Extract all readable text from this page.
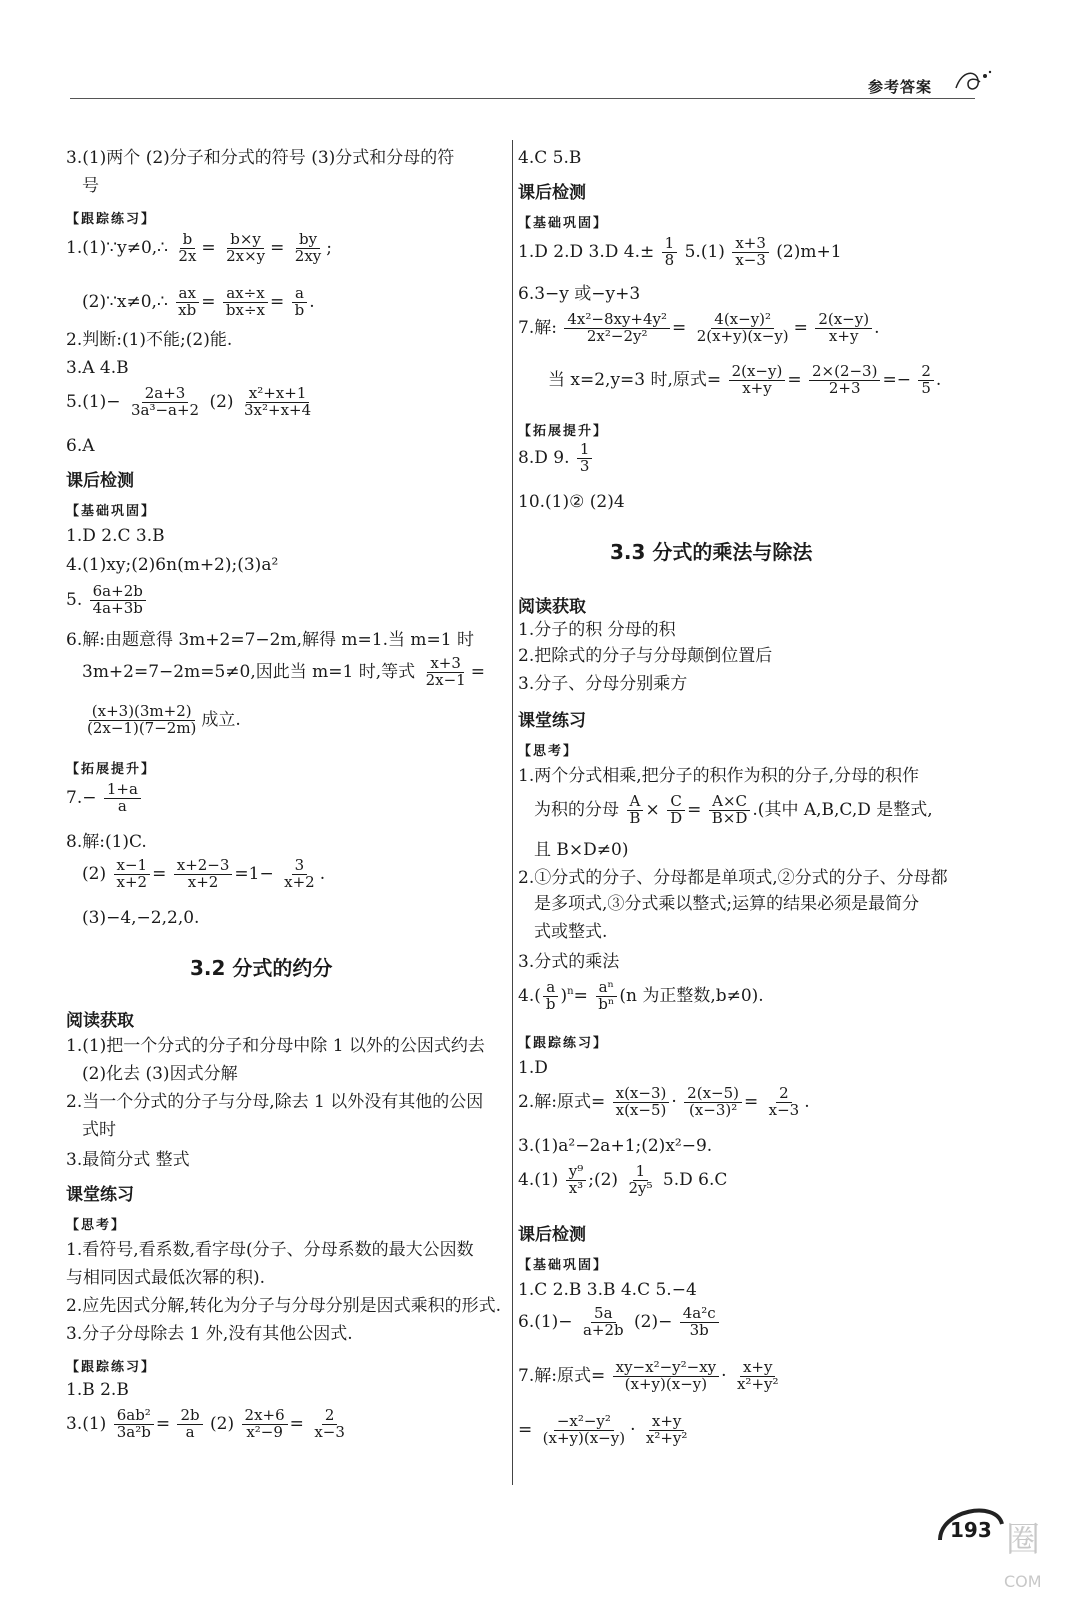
参考答案
3.(1)两个 (2)分子和分式的符号 (3)分式和分母的符
号
【跟踪练习】
1.(1)∵y≠0,∴ $\frac{b}{2x} = \frac{b\times y}{2x\times y} = \frac{by}{2xy}$ ;
(2)∵x≠0,∴ $\frac{ax}{xb} = \frac{ax\div x}{bx\div x} = \frac{a}{b}$ .
2.判断:(1)不能;(2)能.
3.A 4.B
$5.(1)- \frac{2a+3}{\text{3a³−a+2}} (2) \frac{\text{x²+x+1}}{\text{3x²+x+4}}$
6.A
课后检测
【基础巩固】
1.D 2.C 3.B
4.(1)xy;(2)6n(m+2);(3)a²
5. $\frac{6a+2b}{4a+3b}$
6.解:由题意得 3m+2=7−2m,解得 m=1.当 m=1 时
3m+2=7−2m=5≠0,因此当 m=1 时,等式 $\frac{x+3}{2x-1}$ =
$\frac{(x+3)(3m+2)}{(2x-1)(7-2m)}$ 成立.
【拓展提升】
$7.- \frac{1+a}{a}$
8.解:(1)C.
$(2) \frac{x-1}{x+2} = \frac{x+2-3}{x+2} =1- \frac{3}{x+2}$ .
(3)−4,−2,2,0.
3.2 分式的约分
阅读获取
1.(1)把一个分式的分子和分母中除 1 以外的公因式约去
(2)化去 (3)因式分解
2.当一个分式的分子与分母,除去 1 以外没有其他的公因
式时
3.最简分式 整式
课堂练习
【思考】
1.看符号,看系数,看字母(分子、分母系数的最大公因数
与相同因式最低次幂的积).
2.应先因式分解,转化为分子与分母分别是因式乘积的形式.
3.分子分母除去 1 外,没有其他公因式.
【跟踪练习】
1.B 2.B
$3.(1) \frac{\text{6ab²}}{\text{3a²b}} = \frac{2b}{a} (2) \frac{2x+6}{\text{x²−9}} = \frac{2}{x-3}$
4.C 5.B
课后检测
【基础巩固】
1.D 2.D 3.D $4.\pm \frac{1}{8} 5.(1) \frac{x+3}{x-3} (2)m+1$
6.3−y 或−y+3
7.解: $\frac{\text{4x²−8xy+4y²}}{\text{2x²−2y²}} = \frac{\text{4(x−y)²}}{2(x+y)(x-y)} = \frac{2(x-y)}{x+y}$ .
当 x=2,y=3 时,原式= $\frac{2(x-y)}{x+y} = \frac{2\times(2-3)}{2+3} =- \frac{2}{5}$ .
【拓展提升】
8.D 9. $\frac{1}{3}$
10.(1)② (2)4
3.3 分式的乘法与除法
阅读获取
1.分子的积 分母的积
2.把除式的分子与分母颠倒位置后
3.分子、分母分别乘方
课堂练习
【思考】
1.两个分式相乘,把分子的积作为积的分子,分母的积作
为积的分母 $\frac{A}{B} \times \frac{C}{D} = \frac{A\times C}{B\times D}$ .(其中 A,B,C,D 是整式,
且 B×D≠0)
2.①分式的分子、分母都是单项式,②分式的分子、分母都
是多项式,③分式乘以整式;运算的结果必须是最简分
式或整式.
3.分式的乘法
$4.( \frac{a}{b} )^n= \frac{\text{aⁿ}}{\text{bⁿ}} (n$ 为正整数,b≠0).
【跟踪练习】
1.D
2.解:原式= $\frac{x(x-3)}{x(x-5)} \cdot \frac{2(x-5)}{\text{(x−3)²}} = \frac{2}{x-3}$ .
3.(1)a²−2a+1;(2)x²−9.
$4.(1) \frac{\text{y⁹}}{\text{x³}}$ ;(2) $\frac{1}{\text{2y⁵}} 5.D$ 6.C
课后检测
【基础巩固】
1.C 2.B 3.B 4.C 5.−4
$6.(1)- \frac{5a}{a+2b} (2)- \frac{\text{4a²c}}{3b}$
7.解:原式= $\frac{\text{xy−x²−y²−xy}}{(x+y)(x-y)} \cdot \frac{x+y}{\text{x²+y²}}$
= $\frac{\text{−x²−y²}}{(x+y)(x-y)} \cdot \frac{x+y}{\text{x²+y²}}$
193 圈
COM
